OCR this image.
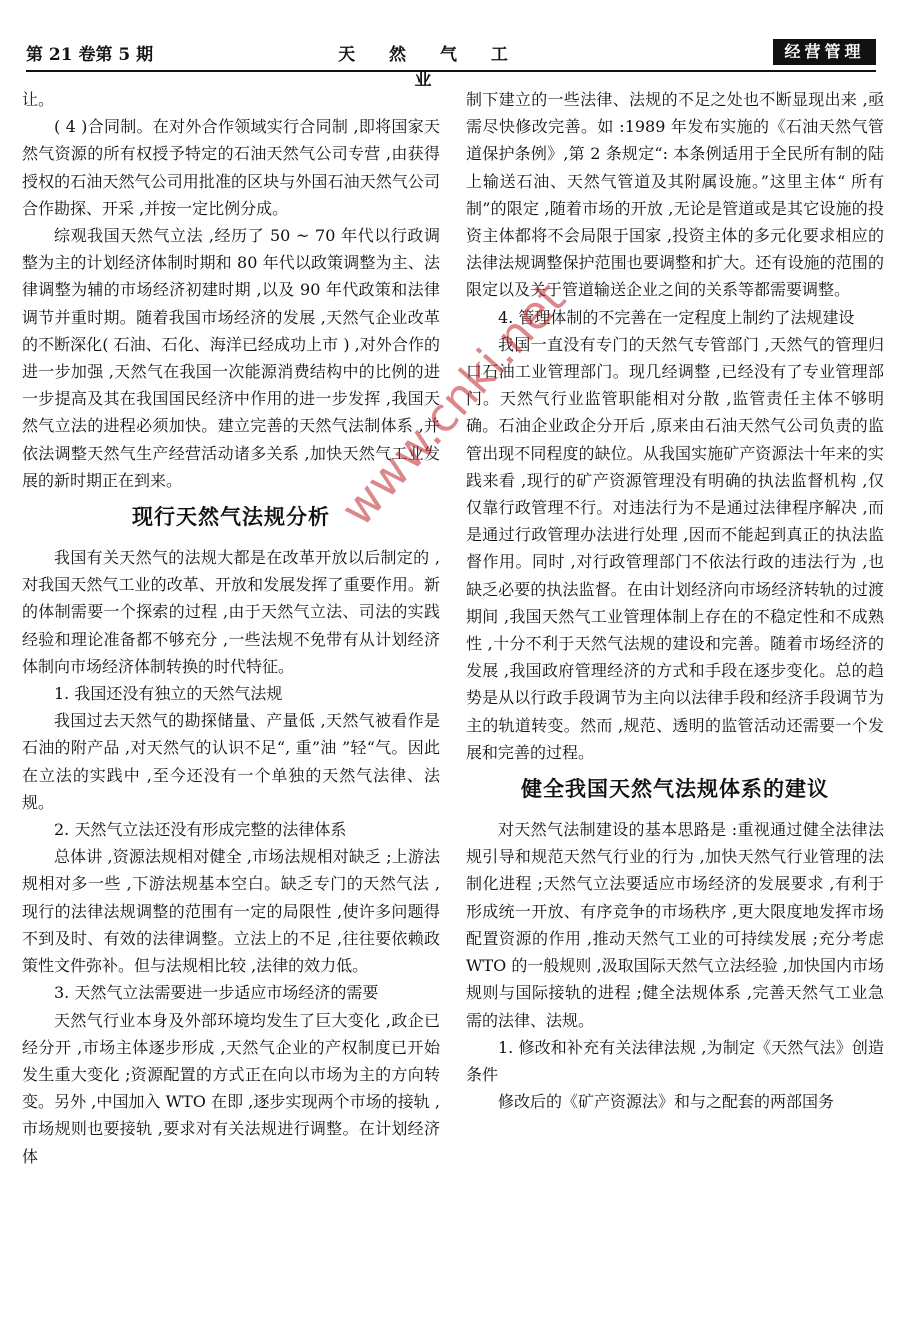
第 21 卷第 5 期	天 然 气 工 业
经营管理

让。

( 4 )合同制。在对外合作领域实行合同制 ,即将国家天然气资源的所有权授予特定的石油天然气公司专营 ,由获得授权的石油天然气公司用批准的区块与外国石油天然气公司合作勘探、开采 ,并按一定比例分成。

综观我国天然气立法 ,经历了 50 ~ 70 年代以行政调整为主的计划经济体制时期和 80 年代以政策调整为主、法律调整为辅的市场经济初建时期 ,以及 90 年代政策和法律调节并重时期。随着我国市场经济的发展 ,天然气企业改革的不断深化( 石油、石化、海洋已经成功上市 ) ,对外合作的进一步加强 ,天然气在我国一次能源消费结构中的比例的进一步提高及其在我国国民经济中作用的进一步发挥 ,我国天然气立法的进程必须加快。建立完善的天然气法制体系 ,并依法调整天然气生产经营活动诸多关系 ,加快天然气工业发展的新时期正在到来。

现行天然气法规分析

我国有关天然气的法规大都是在改革开放以后制定的 ,对我国天然气工业的改革、开放和发展发挥了重要作用。新的体制需要一个探索的过程 ,由于天然气立法、司法的实践经验和理论准备都不够充分 ,一些法规不免带有从计划经济体制向市场经济体制转换的时代特征。

1. 我国还没有独立的天然气法规

我国过去天然气的勘探储量、产量低 ,天然气被看作是石油的附产品 ,对天然气的认识不足“, 重”油 ”轻“气。因此在立法的实践中 ,至今还没有一个单独的天然气法律、法规。

2. 天然气立法还没有形成完整的法律体系

总体讲 ,资源法规相对健全 ,市场法规相对缺乏 ;上游法规相对多一些 ,下游法规基本空白。缺乏专门的天然气法 ,现行的法律法规调整的范围有一定的局限性 ,使许多问题得不到及时、有效的法律调整。立法上的不足 ,往往要依赖政策性文件弥补。但与法规相比较 ,法律的效力低。

3. 天然气立法需要进一步适应市场经济的需要

天然气行业本身及外部环境均发生了巨大变化 ,政企已经分开 ,市场主体逐步形成 ,天然气企业的产权制度已开始发生重大变化 ;资源配置的方式正在向以市场为主的方向转变。另外 ,中国加入 WTO 在即 ,逐步实现两个市场的接轨 ,市场规则也要接轨 ,要求对有关法规进行调整。在计划经济体

制下建立的一些法律、法规的不足之处也不断显现出来 ,亟需尽快修改完善。如 :1989 年发布实施的《石油天然气管道保护条例》,第 2 条规定“: 本条例适用于全民所有制的陆上输送石油、天然气管道及其附属设施。”这里主体“ 所有制”的限定 ,随着市场的开放 ,无论是管道或是其它设施的投资主体都将不会局限于国家 ,投资主体的多元化要求相应的法律法规调整保护范围也要调整和扩大。还有设施的范围的限定以及关于管道输送企业之间的关系等都需要调整。

4. 管理体制的不完善在一定程度上制约了法规建设

我国一直没有专门的天然气专管部门 ,天然气的管理归口石油工业管理部门。现几经调整 ,已经没有了专业管理部门。天然气行业监管职能相对分散 ,监管责任主体不够明确。石油企业政企分开后 ,原来由石油天然气公司负责的监管出现不同程度的缺位。从我国实施矿产资源法十年来的实践来看 ,现行的矿产资源管理没有明确的执法监督机构 ,仅仅靠行政管理不行。对违法行为不是通过法律程序解决 ,而是通过行政管理办法进行处理 ,因而不能起到真正的执法监督作用。同时 ,对行政管理部门不依法行政的违法行为 ,也缺乏必要的执法监督。在由计划经济向市场经济转轨的过渡期间 ,我国天然气工业管理体制上存在的不稳定性和不成熟性 ,十分不利于天然气法规的建设和完善。随着市场经济的发展 ,我国政府管理经济的方式和手段在逐步变化。总的趋势是从以行政手段调节为主向以法律手段和经济手段调节为主的轨道转变。然而 ,规范、透明的监管活动还需要一个发展和完善的过程。

健全我国天然气法规体系的建议

对天然气法制建设的基本思路是 :重视通过健全法律法规引导和规范天然气行业的行为 ,加快天然气行业管理的法制化进程 ;天然气立法要适应市场经济的发展要求 ,有利于形成统一开放、有序竞争的市场秩序 ,更大限度地发挥市场配置资源的作用 ,推动天然气工业的可持续发展 ;充分考虑 WTO 的一般规则 ,汲取国际天然气立法经验 ,加快国内市场规则与国际接轨的进程 ;健全法规体系 ,完善天然气工业急需的法律、法规。

1. 修改和补充有关法律法规 ,为制定《天然气法》创造条件

修改后的《矿产资源法》和与之配套的两部国务

www.cnki.net
